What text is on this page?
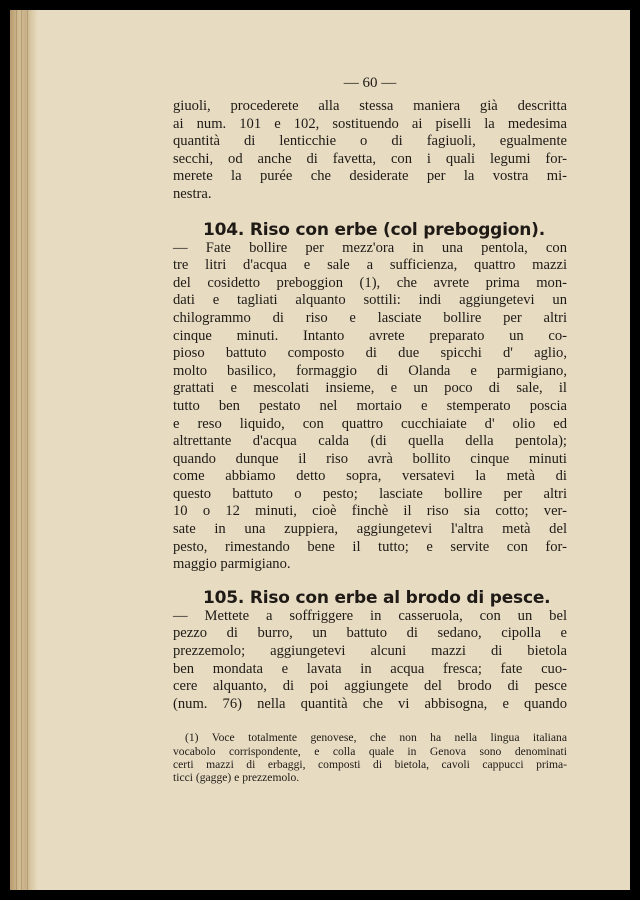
— 60 —
giuoli, procederete alla stessa maniera già descritta
ai num. 101 e 102, sostituendo ai piselli la medesima
quantità di lenticchie o di fagiuoli, egualmente
secchi, od anche di favetta, con i quali legumi for-
merete la purée che desiderate per la vostra mi-
nestra.
104. Riso con erbe (col preboggion).
— Fate bollire per mezz'ora in una pentola, con
tre litri d'acqua e sale a sufficienza, quattro mazzi
del cosidetto preboggion (1), che avrete prima mon-
dati e tagliati alquanto sottili: indi aggiungetevi un
chilogrammo di riso e lasciate bollire per altri
cinque minuti. Intanto avrete preparato un co-
pioso battuto composto di due spicchi d' aglio,
molto basilico, formaggio di Olanda e parmigiano,
grattati e mescolati insieme, e un poco di sale, il
tutto ben pestato nel mortaio e stemperato poscia
e reso liquido, con quattro cucchiaiate d' olio ed
altrettante d'acqua calda (di quella della pentola);
quando dunque il riso avrà bollito cinque minuti
come abbiamo detto sopra, versatevi la metà di
questo battuto o pesto; lasciate bollire per altri
10 o 12 minuti, cioè finchè il riso sia cotto; ver-
sate in una zuppiera, aggiungetevi l'altra metà del
pesto, rimestando bene il tutto; e servite con for-
maggio parmigiano.
105. Riso con erbe al brodo di pesce.
— Mettete a soffriggere in casseruola, con un bel
pezzo di burro, un battuto di sedano, cipolla e
prezzemolo; aggiungetevi alcuni mazzi di bietola
ben mondata e lavata in acqua fresca; fate cuo-
cere alquanto, di poi aggiungete del brodo di pesce
(num. 76) nella quantità che vi abbisogna, e quando
(1) Voce totalmente genovese, che non ha nella lingua italiana
vocabolo corrispondente, e colla quale in Genova sono denominati
certi mazzi di erbaggi, composti di bietola, cavoli cappucci prima-
ticci (gagge) e prezzemolo.
